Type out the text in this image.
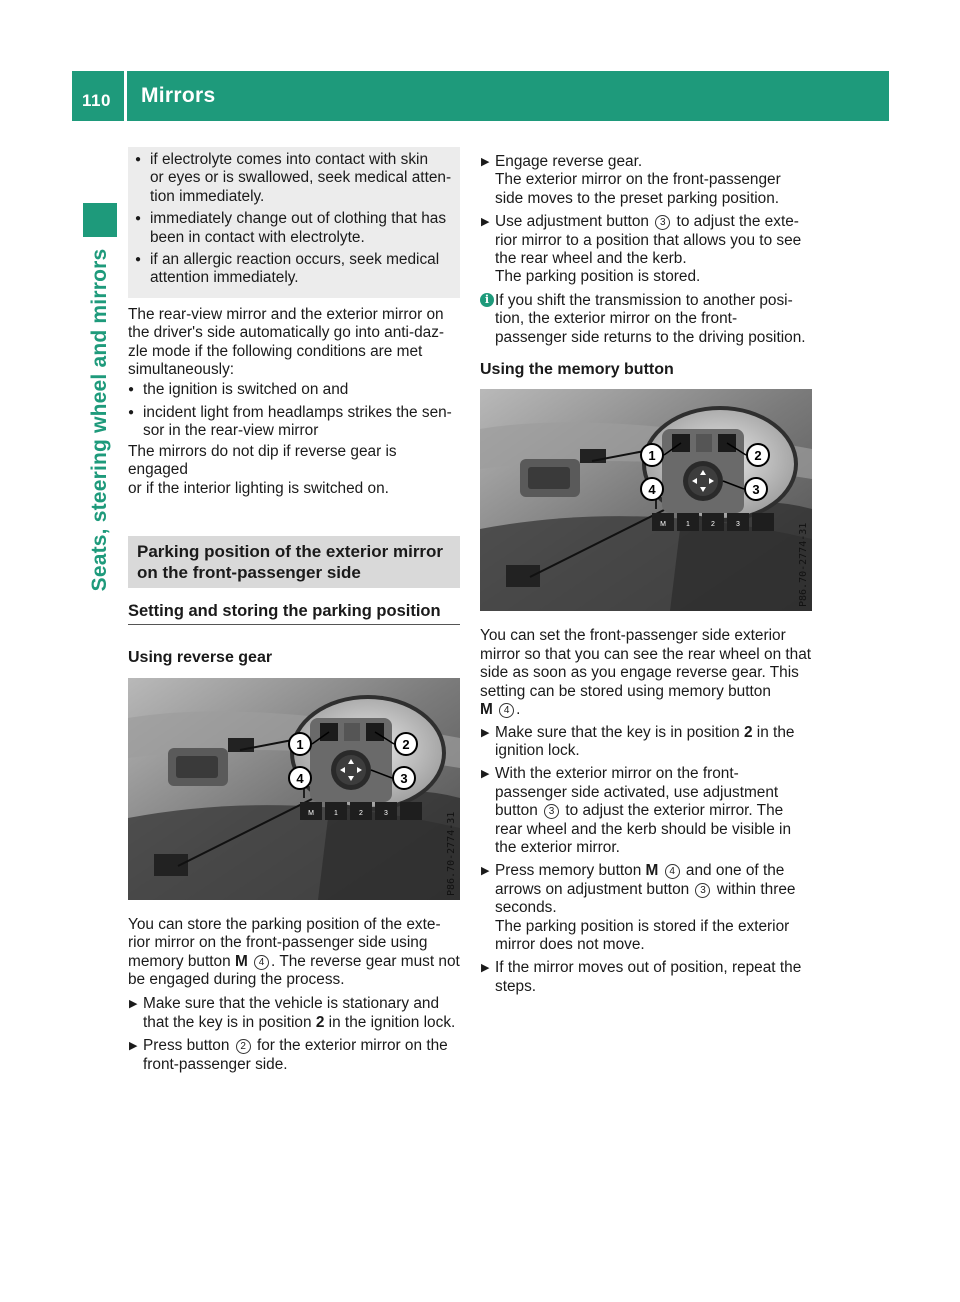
110 Mirrors
Seats, steering wheel and mirrors
● if electrolyte comes into contact with skin
or eyes or is swallowed, seek medical atten-
tion immediately.
● immediately change out of clothing that has
been in contact with electrolyte.
● if an allergic reaction occurs, seek medical
attention immediately.

The rear-view mirror and the exterior mirror on
the driver's side automatically go into anti-daz-
zle mode if the following conditions are met
simultaneously:

● the ignition is switched on and
● incident light from headlamps strikes the sen-
sor in the rear-view mirror

The mirrors do not dip if reverse gear is engaged
or if the interior lighting is switched on.

Parking position of the exterior mirror on the front-passenger side
Setting and storing the parking position
Using reverse gear
M	1	2	3
1	2
3
4
P86.70-2774-31

You can store the parking position of the exte-
rior mirror on the front-passenger side using
memory button M 4 . The reverse gear must not
be engaged during the process.

▶ Make sure that the vehicle is stationary and
that the key is in position 2 in the ignition lock.
▶ Press button 2 for the exterior mirror on the
front-passenger side.
▶ Engage reverse gear.
The exterior mirror on the front-passenger
side moves to the preset parking position.
▶ Use adjustment button 3 to adjust the exte-
rior mirror to a position that allows you to see
the rear wheel and the kerb.
The parking position is stored.
i If you shift the transmission to another posi-
tion, the exterior mirror on the front-
passenger side returns to the driving position.
Using the memory button
M	1	2	3
1	2
3
4
P86.70-2774-31

You can set the front-passenger side exterior
mirror so that you can see the rear wheel on that
side as soon as you engage reverse gear. This
setting can be stored using memory button
M 4 .

▶ Make sure that the key is in position 2 in the
ignition lock.
▶ With the exterior mirror on the front-
passenger side activated, use adjustment
button 3 to adjust the exterior mirror. The
rear wheel and the kerb should be visible in
the exterior mirror.
▶ Press memory button M 4 and one of the
arrows on adjustment button 3 within three
seconds.
The parking position is stored if the exterior
mirror does not move.
▶ If the mirror moves out of position, repeat the
steps.
